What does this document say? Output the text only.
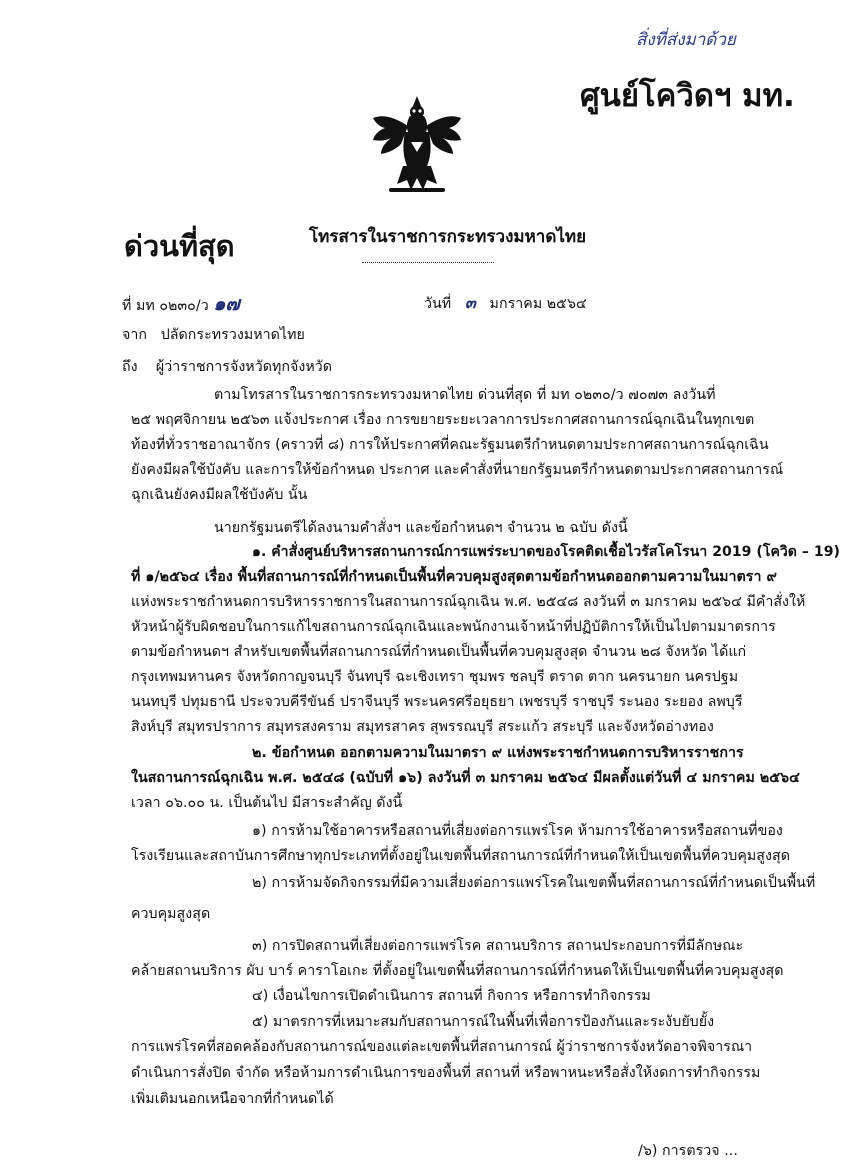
สิ่งที่ส่งมาด้วย
ศูนย์โควิดฯ มท.
ด่วนที่สุด	โทรสารในราชการกระทรวงมหาดไทย
ที่ มท ๐๒๓๐/ว ๑๗	วันที่ ๓ มกราคม ๒๕๖๔
จาก ปลัดกระทรวงมหาดไทย
ถึง ผู้ว่าราชการจังหวัดทุกจังหวัด
ตามโทรสารในราชการกระทรวงมหาดไทย ด่วนที่สุด ที่ มท ๐๒๓๐/ว ๗๐๗๓ ลงวันที่
๒๕ พฤศจิกายน ๒๕๖๓ แจ้งประกาศ เรื่อง การขยายระยะเวลาการประกาศสถานการณ์ฉุกเฉินในทุกเขต
ท้องที่ทั่วราชอาณาจักร (คราวที่ ๘) การให้ประกาศที่คณะรัฐมนตรีกำหนดตามประกาศสถานการณ์ฉุกเฉิน
ยังคงมีผลใช้บังคับ และการให้ข้อกำหนด ประกาศ และคำสั่งที่นายกรัฐมนตรีกำหนดตามประกาศสถานการณ์
ฉุกเฉินยังคงมีผลใช้บังคับ นั้น
นายกรัฐมนตรีได้ลงนามคำสั่งฯ และข้อกำหนดฯ จำนวน ๒ ฉบับ ดังนี้
๑. คำสั่งศูนย์บริหารสถานการณ์การแพร่ระบาดของโรคติดเชื้อไวรัสโคโรนา 2019 (โควิด – 19)
ที่ ๑/๒๕๖๔ เรื่อง พื้นที่สถานการณ์ที่กำหนดเป็นพื้นที่ควบคุมสูงสุดตามข้อกำหนดออกตามความในมาตรา ๙
แห่งพระราชกำหนดการบริหารราชการในสถานการณ์ฉุกเฉิน พ.ศ. ๒๕๔๘ ลงวันที่ ๓ มกราคม ๒๕๖๔ มีคำสั่งให้
หัวหน้าผู้รับผิดชอบในการแก้ไขสถานการณ์ฉุกเฉินและพนักงานเจ้าหน้าที่ปฏิบัติการให้เป็นไปตามมาตรการ
ตามข้อกำหนดฯ สำหรับเขตพื้นที่สถานการณ์ที่กำหนดเป็นพื้นที่ควบคุมสูงสุด จำนวน ๒๘ จังหวัด ได้แก่
กรุงเทพมหานคร จังหวัดกาญจนบุรี จันทบุรี ฉะเชิงเทรา ชุมพร ชลบุรี ตราด ตาก นครนายก นครปฐม
นนทบุรี ปทุมธานี ประจวบคีรีขันธ์ ปราจีนบุรี พระนครศรีอยุธยา เพชรบุรี ราชบุรี ระนอง ระยอง ลพบุรี
สิงห์บุรี สมุทรปราการ สมุทรสงคราม สมุทรสาคร สุพรรณบุรี สระแก้ว สระบุรี และจังหวัดอ่างทอง
๒. ข้อกำหนด ออกตามความในมาตรา ๙ แห่งพระราชกำหนดการบริหารราชการ
ในสถานการณ์ฉุกเฉิน พ.ศ. ๒๕๔๘ (ฉบับที่ ๑๖) ลงวันที่ ๓ มกราคม ๒๕๖๔ มีผลตั้งแต่วันที่ ๔ มกราคม ๒๕๖๔
เวลา ๐๖.๐๐ น. เป็นต้นไป มีสาระสำคัญ ดังนี้
๑) การห้ามใช้อาคารหรือสถานที่เสี่ยงต่อการแพร่โรค ห้ามการใช้อาคารหรือสถานที่ของ
โรงเรียนและสถาบันการศึกษาทุกประเภทที่ตั้งอยู่ในเขตพื้นที่สถานการณ์ที่กำหนดให้เป็นเขตพื้นที่ควบคุมสูงสุด
๒) การห้ามจัดกิจกรรมที่มีความเสี่ยงต่อการแพร่โรคในเขตพื้นที่สถานการณ์ที่กำหนดเป็นพื้นที่
ควบคุมสูงสุด
๓) การปิดสถานที่เสี่ยงต่อการแพร่โรค สถานบริการ สถานประกอบการที่มีลักษณะ
คล้ายสถานบริการ ผับ บาร์ คาราโอเกะ ที่ตั้งอยู่ในเขตพื้นที่สถานการณ์ที่กำหนดให้เป็นเขตพื้นที่ควบคุมสูงสุด
๔) เงื่อนไขการเปิดดำเนินการ สถานที่ กิจการ หรือการทำกิจกรรม
๕) มาตรการที่เหมาะสมกับสถานการณ์ในพื้นที่เพื่อการป้องกันและระงับยับยั้ง
การแพร่โรคที่สอดคล้องกับสถานการณ์ของแต่ละเขตพื้นที่สถานการณ์ ผู้ว่าราชการจังหวัดอาจพิจารณา
ดำเนินการสั่งปิด จำกัด หรือห้ามการดำเนินการของพื้นที่ สถานที่ หรือพาหนะหรือสั่งให้งดการทำกิจกรรม
เพิ่มเติมนอกเหนือจากที่กำหนดได้
/๖) การตรวจ ...
